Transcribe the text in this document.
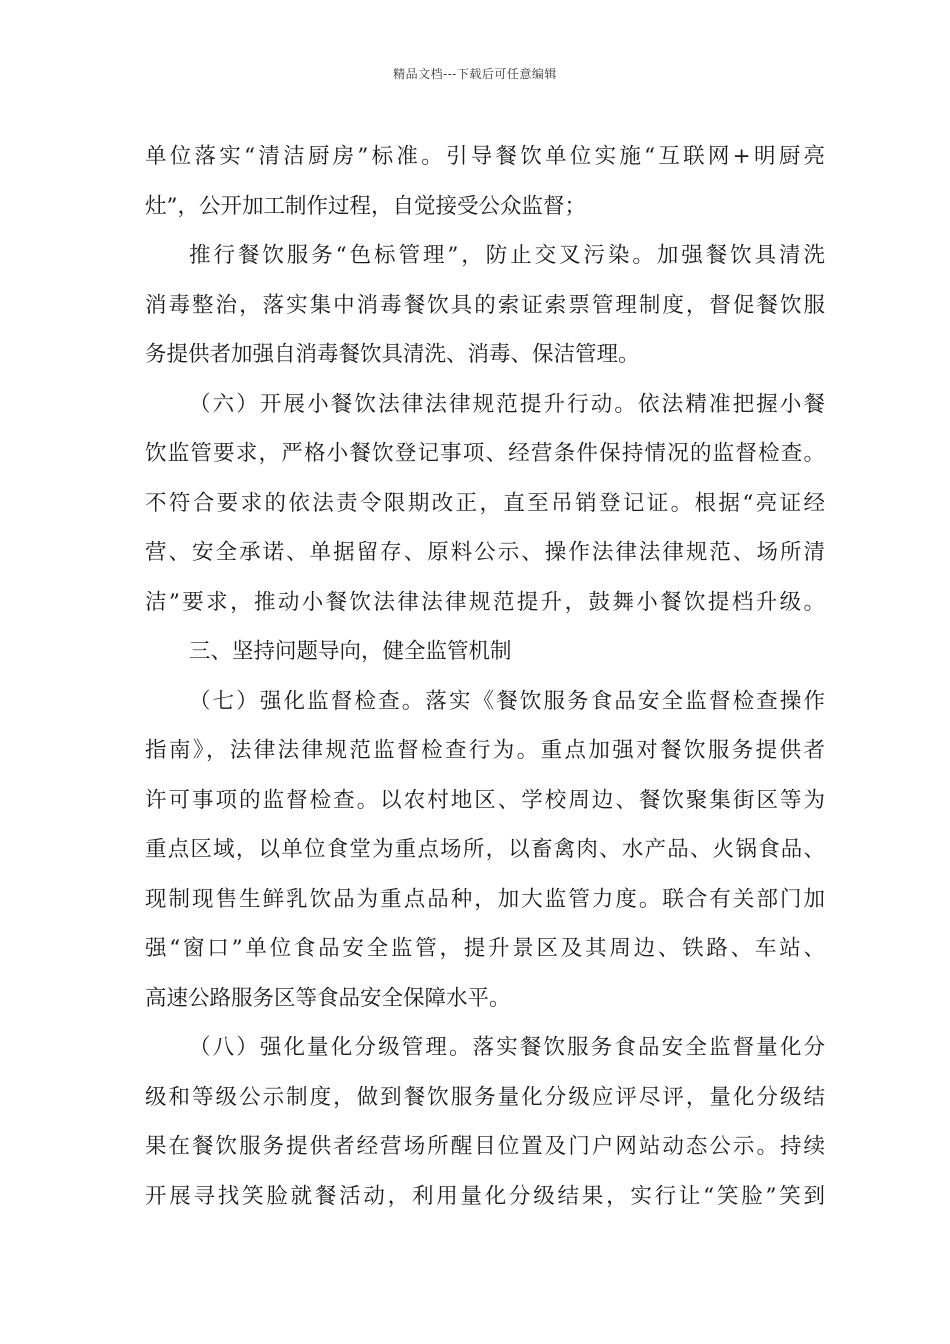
精品文档---下载后可任意编辑
单位落实“清洁厨房”标准。引导餐饮单位实施“互联网+明厨亮
灶”，公开加工制作过程，自觉接受公众监督；
推行餐饮服务“色标管理”，防止交叉污染。加强餐饮具清洗
消毒整治，落实集中消毒餐饮具的索证索票管理制度，督促餐饮服
务提供者加强自消毒餐饮具清洗、消毒、保洁管理。
（六）开展小餐饮法律法律规范提升行动。依法精准把握小餐
饮监管要求，严格小餐饮登记事项、经营条件保持情况的监督检查。
不符合要求的依法责令限期改正，直至吊销登记证。根据“亮证经
营、安全承诺、单据留存、原料公示、操作法律法律规范、场所清
洁”要求，推动小餐饮法律法律规范提升，鼓舞小餐饮提档升级。
三、坚持问题导向，健全监管机制
（七）强化监督检查。落实《餐饮服务食品安全监督检查操作
指南》，法律法律规范监督检查行为。重点加强对餐饮服务提供者
许可事项的监督检查。以农村地区、学校周边、餐饮聚集街区等为
重点区域，以单位食堂为重点场所，以畜禽肉、水产品、火锅食品、
现制现售生鲜乳饮品为重点品种，加大监管力度。联合有关部门加
强“窗口”单位食品安全监管，提升景区及其周边、铁路、车站、
高速公路服务区等食品安全保障水平。
（八）强化量化分级管理。落实餐饮服务食品安全监督量化分
级和等级公示制度，做到餐饮服务量化分级应评尽评，量化分级结
果在餐饮服务提供者经营场所醒目位置及门户网站动态公示。持续
开展寻找笑脸就餐活动，利用量化分级结果，实行让“笑脸”笑到
